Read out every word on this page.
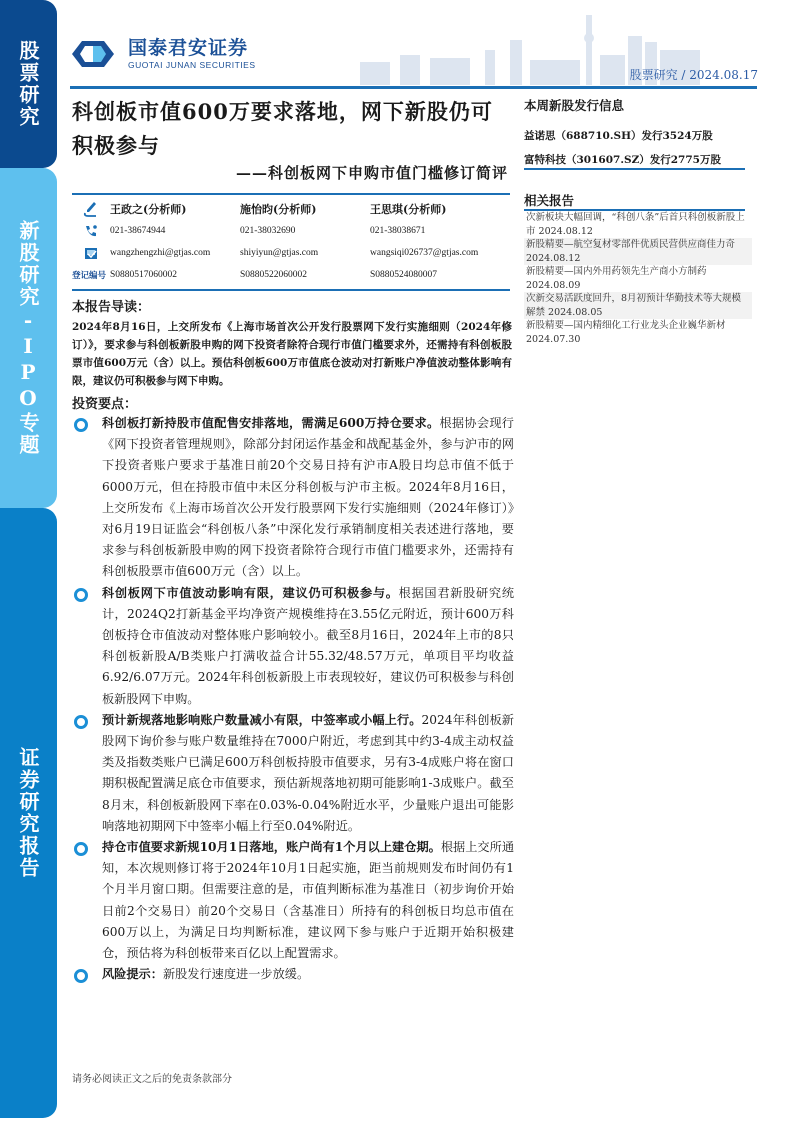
股票研究
新股研究-IPO专题
证券研究报告
国泰君安证券
GUOTAI JUNAN SECURITIES
股票研究 / 2024.08.17
科创板市值600万要求落地，网下新股仍可积极参与
——科创板网下申购市值门槛修订简评
王政之(分析师)	施怡昀(分析师)	王思琪(分析师)
021-38674944	021-38032690	021-38038671
wangzhengzhi@gtjas.com	shiyiyun@gtjas.com	wangsiqi026737@gtjas.com
登记编号 S0880517060002	S0880522060002	S0880524080007
本报告导读：
2024年8月16日，上交所发布《上海市场首次公开发行股票网下发行实施细则（2024年修订）》，要求参与科创板新股申购的网下投资者除符合现行市值门槛要求外，还需持有科创板股票市值600万元（含）以上。预估科创板600万市值底仓波动对打新账户净值波动整体影响有限，建议仍可积极参与网下申购。
投资要点：
科创板打新持股市值配售安排落地，需满足600万持仓要求。根据协会现行《网下投资者管理规则》，除部分封闭运作基金和战配基金外，参与沪市的网下投资者账户要求于基准日前20个交易日持有沪市A股日均总市值不低于6000万元，但在持股市值中未区分科创板与沪市主板。2024年8月16日，上交所发布《上海市场首次公开发行股票网下发行实施细则（2024年修订）》对6月19日证监会“科创板八条”中深化发行承销制度相关表述进行落地，要求参与科创板新股申购的网下投资者除符合现行市值门槛要求外，还需持有科创板股票市值600万元（含）以上。
科创板网下市值波动影响有限，建议仍可积极参与。根据国君新股研究统计，2024Q2打新基金平均净资产规模维持在3.55亿元附近，预计600万科创板持仓市值波动对整体账户影响较小。截至8月16日，2024年上市的8只科创板新股A/B类账户打满收益合计55.32/48.57万元，单项目平均收益6.92/6.07万元。2024年科创板新股上市表现较好，建议仍可积极参与科创板新股网下申购。
预计新规落地影响账户数量减小有限，中签率或小幅上行。2024年科创板新股网下询价参与账户数量维持在7000户附近，考虑到其中约3-4成主动权益类及指数类账户已满足600万科创板持股市值要求，另有3-4成账户将在窗口期积极配置满足底仓市值要求，预估新规落地初期可能影响1-3成账户。截至8月末，科创板新股网下率在0.03%-0.04%附近水平，少量账户退出可能影响落地初期网下中签率小幅上行至0.04%附近。
持仓市值要求新规10月1日落地，账户尚有1个月以上建仓期。根据上交所通知，本次规则修订将于2024年10月1日起实施，距当前规则发布时间仍有1个月半月窗口期。但需要注意的是，市值判断标准为基准日（初步询价开始日前2个交易日）前20个交易日（含基准日）所持有的科创板日均总市值在600万以上，为满足日均判断标准，建议网下参与账户于近期开始积极建仓，预估将为科创板带来百亿以上配置需求。
风险提示：新股发行速度进一步放缓。
本周新股发行信息
益诺思（688710.SH）发行3524万股
富特科技（301607.SZ）发行2775万股
相关报告
次新板块大幅回调，“科创八条”后首只科创板新股上市 2024.08.12
新股精要—航空复材零部件优质民营供应商佳力奇 2024.08.12
新股精要—国内外用药领先生产商小方制药 2024.08.09
次新交易活跃度回升，8月初预计华勤技术等大规模解禁 2024.08.05
新股精要—国内精细化工行业龙头企业巍华新材 2024.07.30
请务必阅读正文之后的免责条款部分
